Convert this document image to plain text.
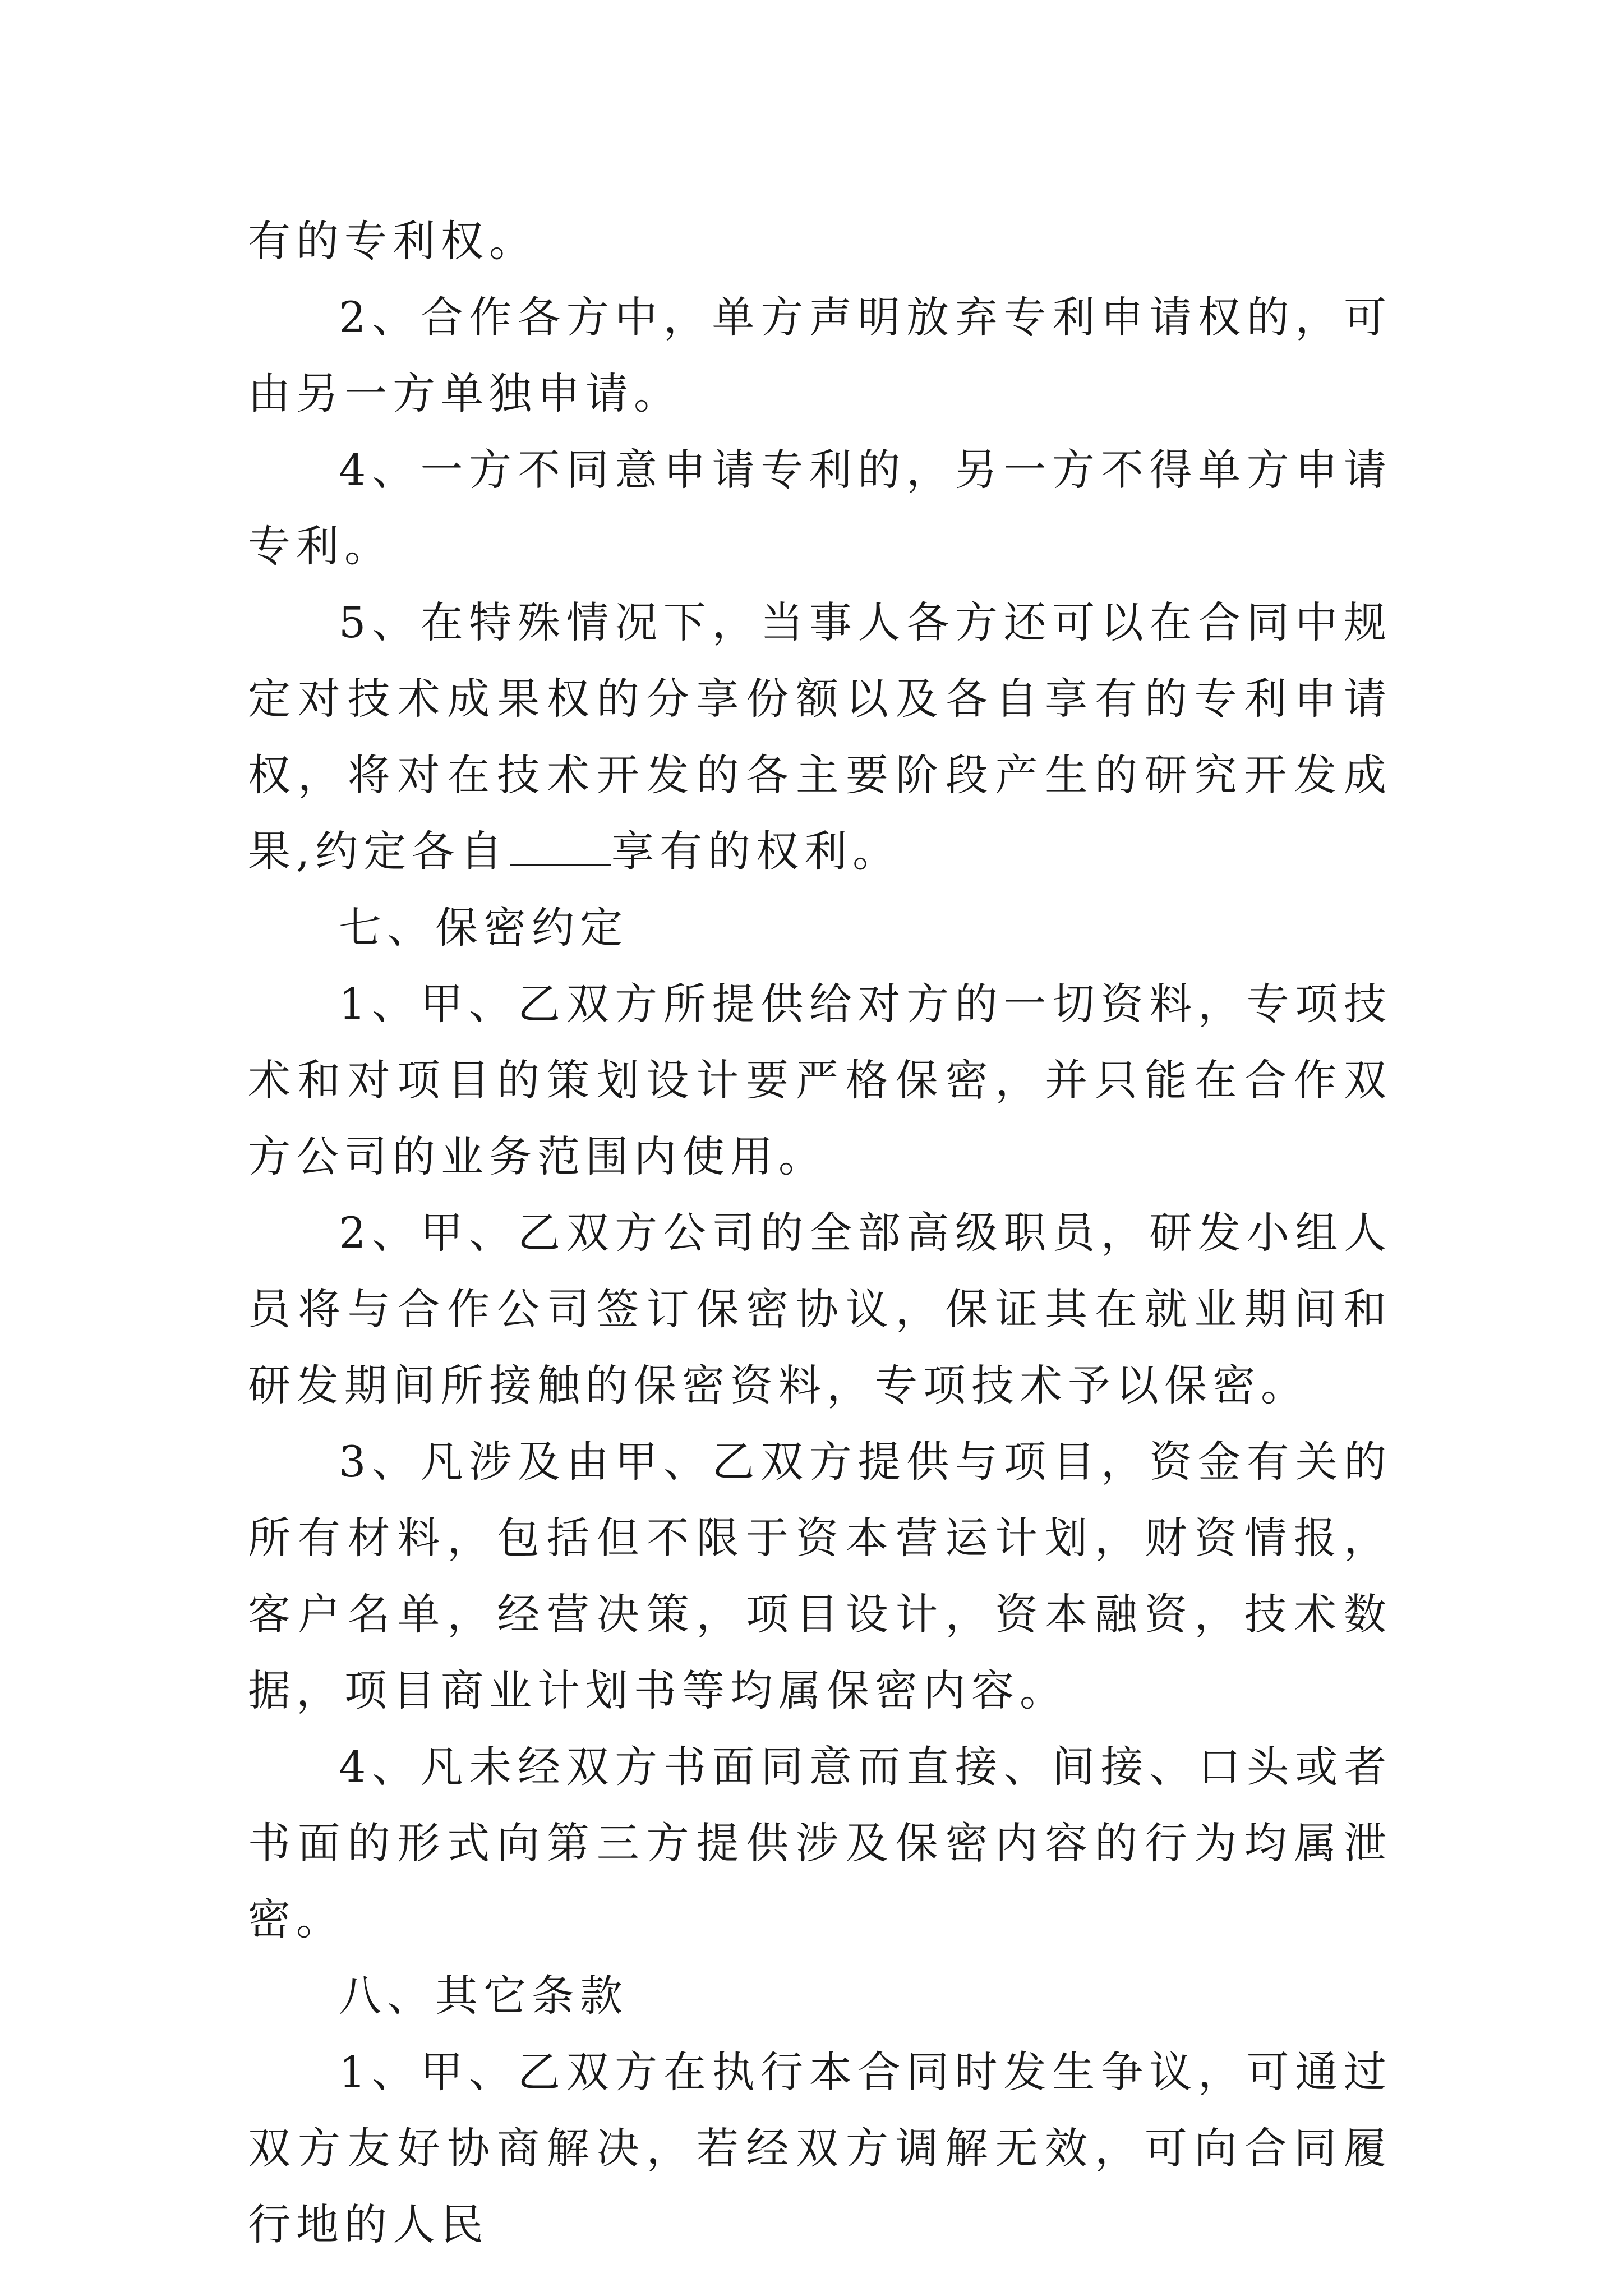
有的专利权。

2、合作各方中，单方声明放弃专利申请权的，可由另一方单独申请。

4、一方不同意申请专利的，另一方不得单方申请专利。

5、在特殊情况下，当事人各方还可以在合同中规定对技术成果权的分享份额以及各自享有的专利申请权，将对在技术开发的各主要阶段产生的研究开发成果,约定各自 享有的权利。

七、保密约定

1、甲、乙双方所提供给对方的一切资料，专项技术和对项目的策划设计要严格保密，并只能在合作双方公司的业务范围内使用。

2、甲、乙双方公司的全部高级职员，研发小组人员将与合作公司签订保密协议，保证其在就业期间和研发期间所接触的保密资料，专项技术予以保密。

3、凡涉及由甲、乙双方提供与项目，资金有关的所有材料，包括但不限于资本营运计划，财资情报，客户名单，经营决策，项目设计，资本融资，技术数据，项目商业计划书等均属保密内容。

4、凡未经双方书面同意而直接、间接、口头或者书面的形式向第三方提供涉及保密内容的行为均属泄密。

八、其它条款

1、甲、乙双方在执行本合同时发生争议，可通过双方友好协商解决，若经双方调解无效，可向合同履行地的人民
